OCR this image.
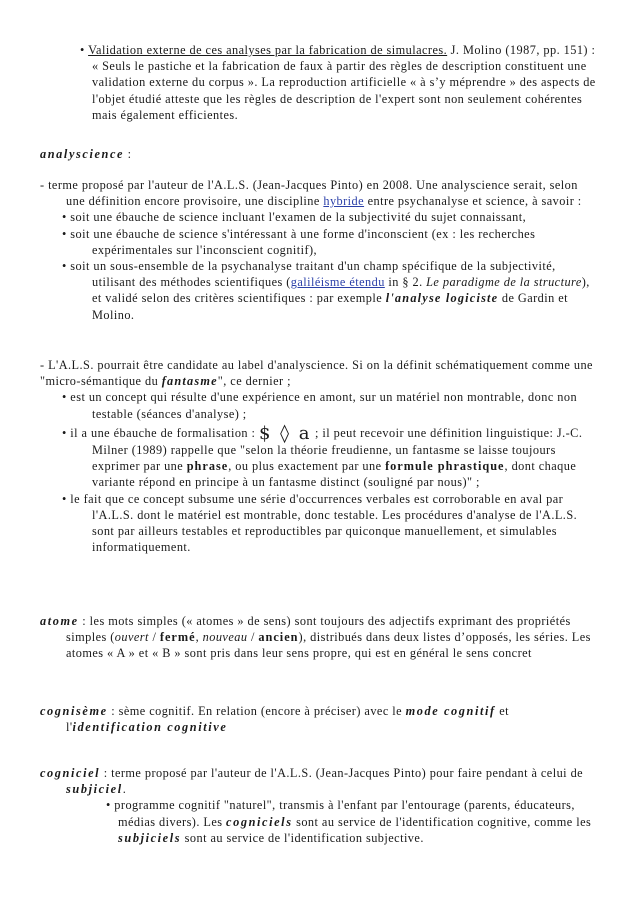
• Validation externe de ces analyses par la fabrication de simulacres. J. Molino (1987, pp. 151) : « Seuls le pastiche et la fabrication de faux à partir des règles de description constituent une validation externe du corpus ». La reproduction artificielle « à s’y méprendre » des aspects de l'objet étudié atteste que les règles de description de l'expert sont non seulement cohérentes mais également efficientes.

analyscience :

- terme proposé par l'auteur de l'A.L.S. (Jean-Jacques Pinto) en 2008. Une analyscience serait, selon une définition encore provisoire, une discipline hybride entre psychanalyse et science, à savoir :

• soit une ébauche de science incluant l'examen de la subjectivité du sujet connaissant,

• soit une ébauche de science s'intéressant à une forme d'inconscient (ex : les recherches expérimentales sur l'inconscient cognitif),

• soit un sous-ensemble de la psychanalyse traitant d'un champ spécifique de la subjectivité, utilisant des méthodes scientifiques (galiléisme étendu in § 2. Le paradigme de la structure), et validé selon des critères scientifiques : par exemple l'analyse logiciste de Gardin et Molino.

- L'A.L.S. pourrait être candidate au label d'analyscience. Si on la définit schématiquement comme une "micro-sémantique du fantasme", ce dernier ;

• est un concept qui résulte d'une expérience en amont, sur un matériel non montrable, donc non testable (séances d'analyse) ;

• il a une ébauche de formalisation : $ ◊ a ; il peut recevoir une définition linguistique: J.-C. Milner (1989) rappelle que "selon la théorie freudienne, un fantasme se laisse toujours exprimer par une phrase, ou plus exactement par une formule phrastique, dont chaque variante répond en principe à un fantasme distinct (souligné par nous)" ;

• le fait que ce concept subsume une série d'occurrences verbales est corroborable en aval par l'A.L.S. dont le matériel est montrable, donc testable. Les procédures d'analyse de l'A.L.S. sont par ailleurs testables et reproductibles par quiconque manuellement, et simulables informatiquement.

atome : les mots simples (« atomes » de sens) sont toujours des adjectifs exprimant des propriétés simples (ouvert / fermé, nouveau / ancien), distribués dans deux listes d’opposés, les séries. Les atomes « A » et « B » sont pris dans leur sens propre, qui est en général le sens concret

cognisème : sème cognitif. En relation (encore à préciser) avec le mode cognitif et l'identification cognitive

cogniciel : terme proposé par l'auteur de l'A.L.S. (Jean-Jacques Pinto) pour faire pendant à celui de subjiciel.

• programme cognitif "naturel", transmis à l'enfant par l'entourage (parents, éducateurs, médias divers). Les cogniciels sont au service de l'identification cognitive, comme les subjiciels sont au service de l'identification subjective.
